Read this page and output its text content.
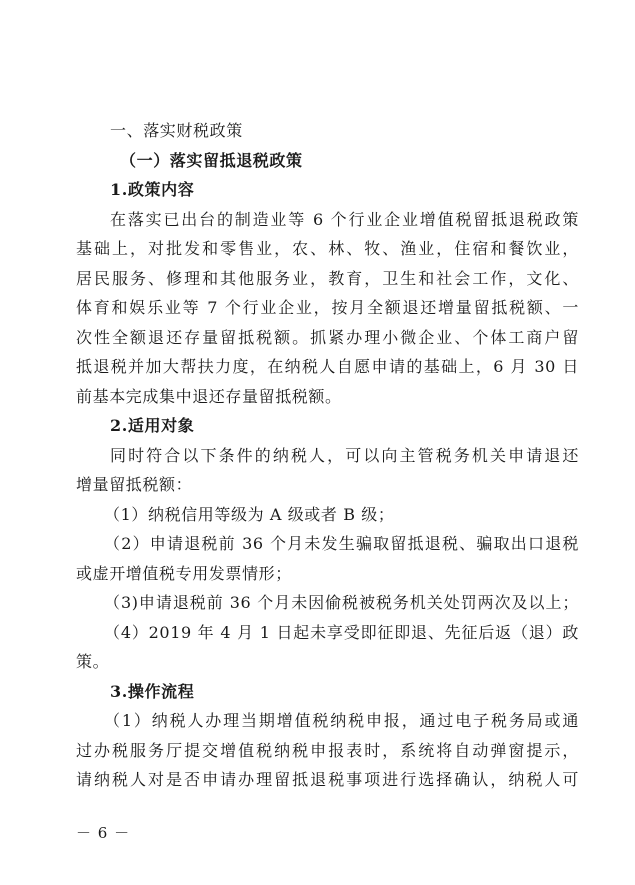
一、落实财税政策
（一）落实留抵退税政策
1.政策内容
在落实已出台的制造业等 6 个行业企业增值税留抵退税政策
基础上，对批发和零售业，农、林、牧、渔业，住宿和餐饮业，
居民服务、修理和其他服务业，教育，卫生和社会工作，文化、
体育和娱乐业等 7 个行业企业，按月全额退还增量留抵税额、一
次性全额退还存量留抵税额。抓紧办理小微企业、个体工商户留
抵退税并加大帮扶力度，在纳税人自愿申请的基础上，6 月 30 日
前基本完成集中退还存量留抵税额。
2.适用对象
同时符合以下条件的纳税人，可以向主管税务机关申请退还
增量留抵税额：
（1）纳税信用等级为 A 级或者 B 级；
（2）申请退税前 36 个月未发生骗取留抵退税、骗取出口退税
或虚开增值税专用发票情形；
（3)申请退税前 36 个月未因偷税被税务机关处罚两次及以上；
（4）2019 年 4 月 1 日起未享受即征即退、先征后返（退）政
策。
3.操作流程
（1）纳税人办理当期增值税纳税申报，通过电子税务局或通
过办税服务厅提交增值税纳税申报表时，系统将自动弹窗提示，
请纳税人对是否申请办理留抵退税事项进行选择确认，纳税人可
－ 6 －
